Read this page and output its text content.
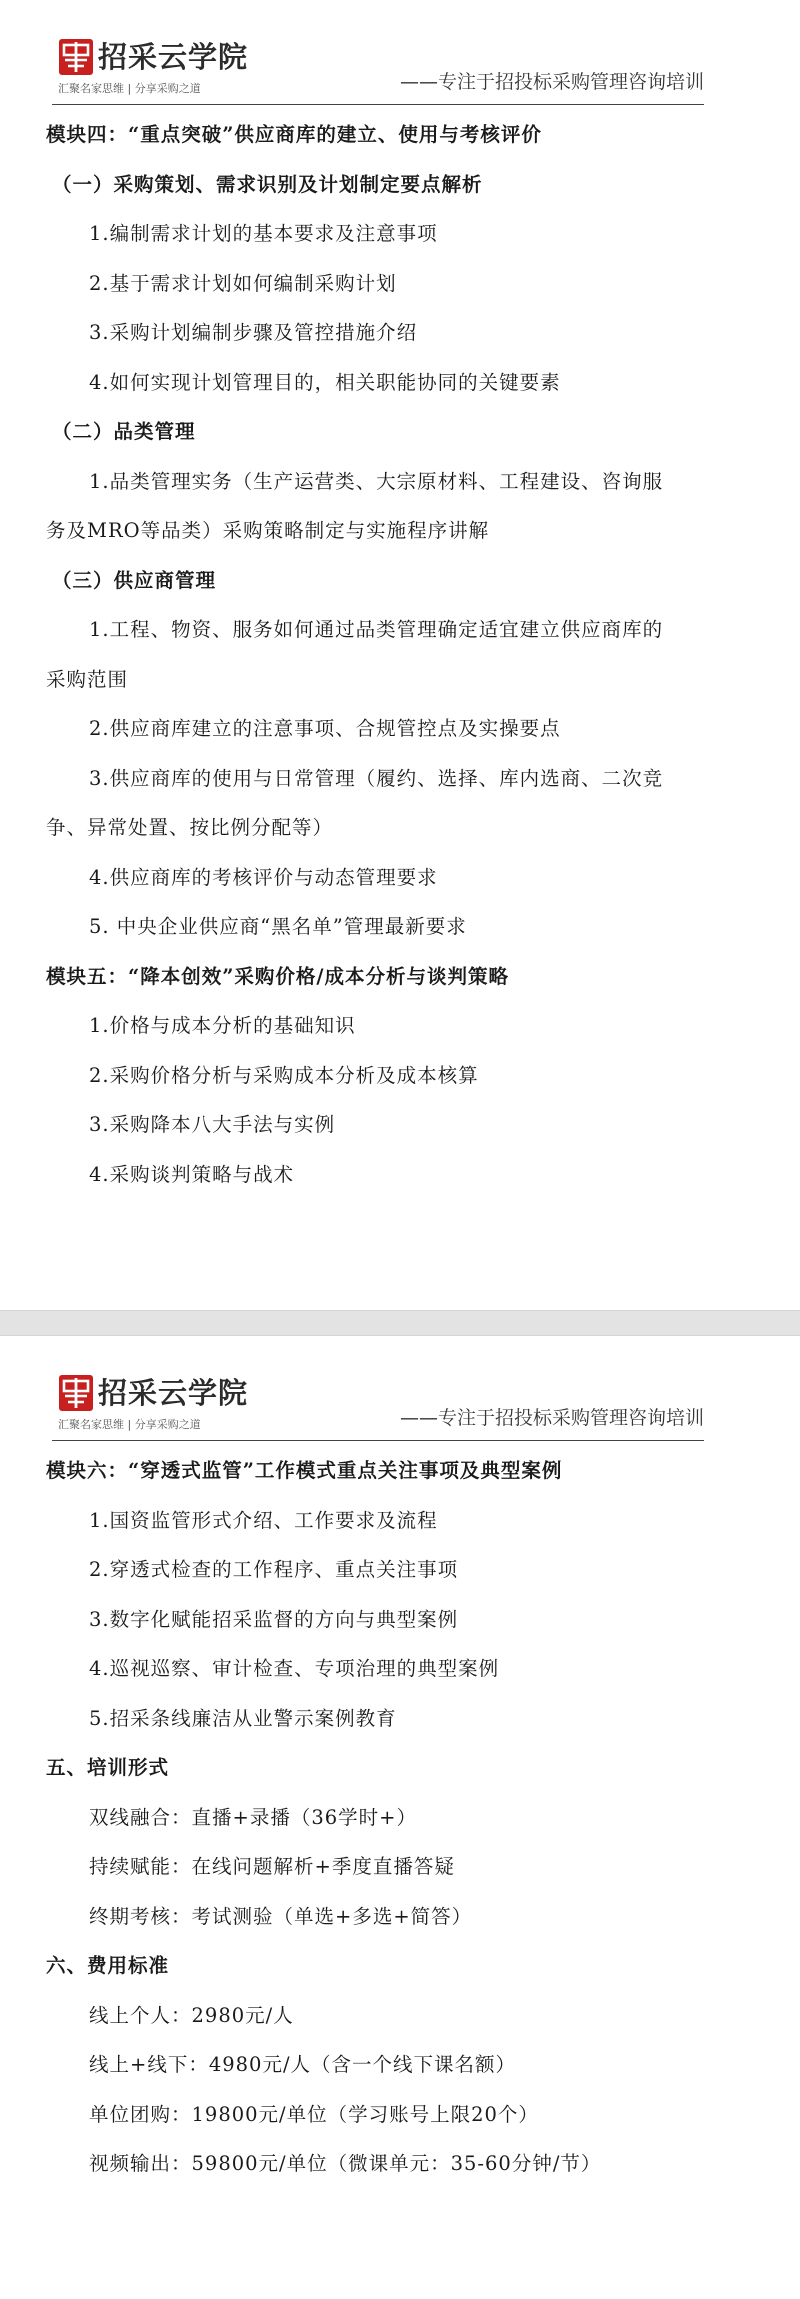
招采云学院
汇聚名家思维 | 分享采购之道	——专注于招投标采购管理咨询培训
模块四：“重点突破”供应商库的建立、使用与考核评价
（一）采购策划、需求识别及计划制定要点解析
1.编制需求计划的基本要求及注意事项
2.基于需求计划如何编制采购计划
3.采购计划编制步骤及管控措施介绍
4.如何实现计划管理目的，相关职能协同的关键要素
（二）品类管理
1.品类管理实务（生产运营类、大宗原材料、工程建设、咨询服
务及MRO等品类）采购策略制定与实施程序讲解
（三）供应商管理
1.工程、物资、服务如何通过品类管理确定适宜建立供应商库的
采购范围
2.供应商库建立的注意事项、合规管控点及实操要点
3.供应商库的使用与日常管理（履约、选择、库内选商、二次竞
争、异常处置、按比例分配等）
4.供应商库的考核评价与动态管理要求
5. 中央企业供应商“黑名单”管理最新要求
模块五：“降本创效”采购价格/成本分析与谈判策略
1.价格与成本分析的基础知识
2.采购价格分析与采购成本分析及成本核算
3.采购降本八大手法与实例
4.采购谈判策略与战术
招采云学院
汇聚名家思维 | 分享采购之道	——专注于招投标采购管理咨询培训
模块六：“穿透式监管”工作模式重点关注事项及典型案例
1.国资监管形式介绍、工作要求及流程
2.穿透式检查的工作程序、重点关注事项
3.数字化赋能招采监督的方向与典型案例
4.巡视巡察、审计检查、专项治理的典型案例
5.招采条线廉洁从业警示案例教育
五、培训形式
双线融合：直播+录播（36学时+）
持续赋能：在线问题解析+季度直播答疑
终期考核：考试测验（单选+多选+简答）
六、费用标准
线上个人：2980元/人
线上+线下：4980元/人（含一个线下课名额）
单位团购：19800元/单位（学习账号上限20个）
视频输出：59800元/单位（微课单元：35-60分钟/节）
